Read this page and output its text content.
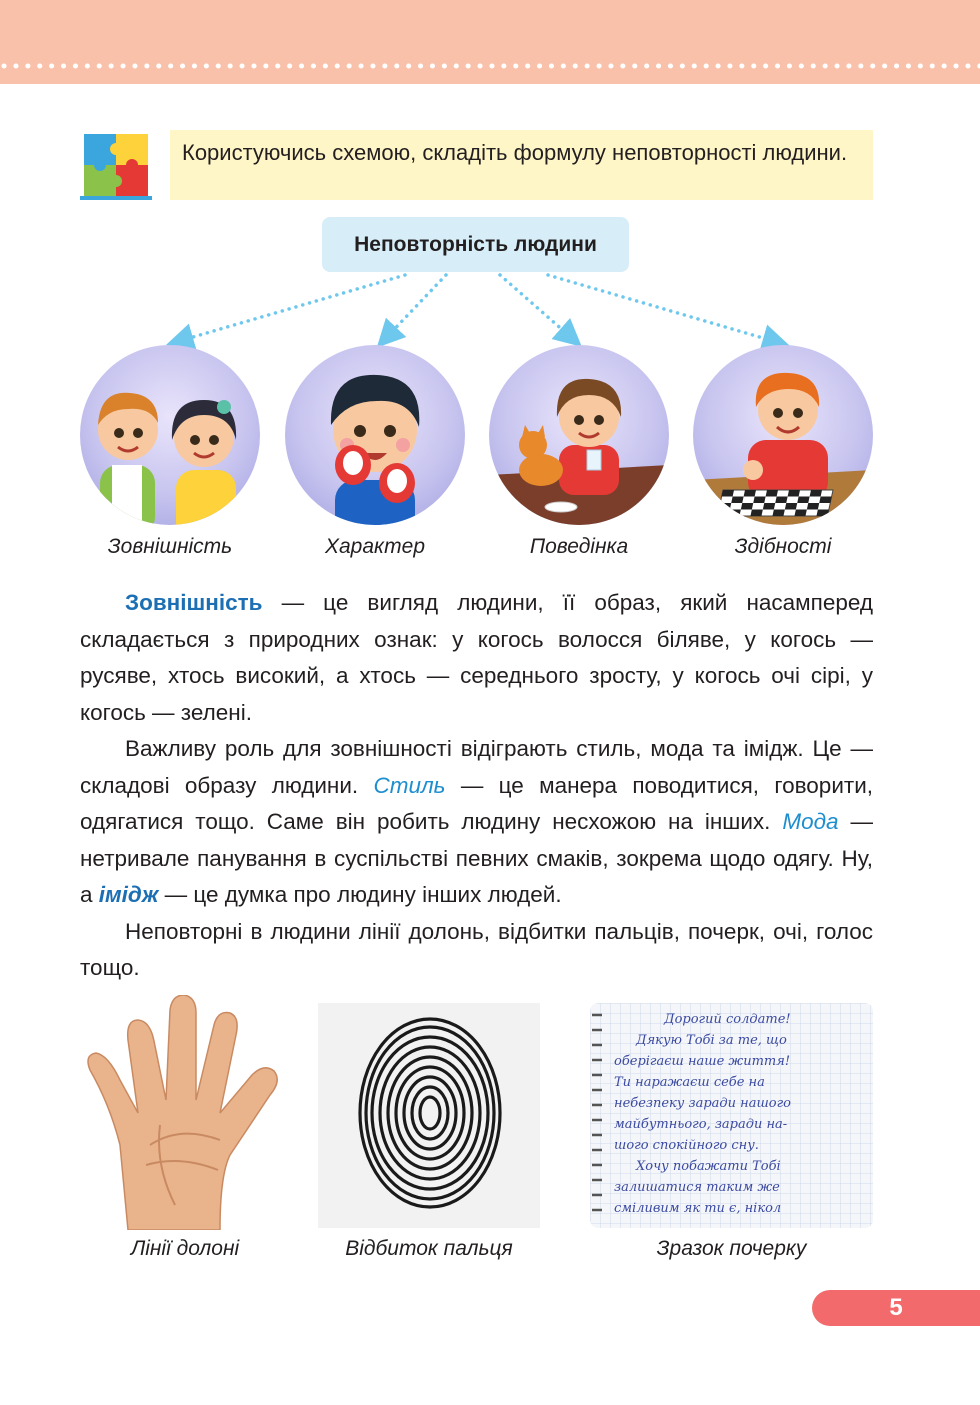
Користуючись схемою, складіть формулу неповторності людини.
Неповторність людини
Зовнішність	Характер	Поведінка	Здібності

Зовнішність — це вигляд людини, її образ, який насамперед складається з природних ознак: у когось волосся біляве, у когось — русяве, хтось високий, а хтось — середнього зросту, у когось очі сірі, у когось — зелені.

Важливу роль для зовнішності відіграють стиль, мода та імідж. Це — складові образу людини. Стиль — це манера поводитися, говорити, одягатися тощо. Саме він робить людину несхожою на інших. Мода — нетривале панування в суспільстві певних смаків, зокрема щодо одягу. Ну, а імідж — це думка про людину інших людей.

Неповторні в людини лінії долонь, відбитки пальців, почерк, очі, голос тощо.

Дорогий солдате!
Дякую Тобі за те, що
оберігаєш наше життя!
Ти наражаєш себе на
небезпеку заради нашого
майбутнього, заради на-
шого спокійного сну.
Хочу побажати Тобі
залишатися таким же
сміливим як ти є, нікол
Лінії долоні	Відбиток пальця	Зразок почерку
5
